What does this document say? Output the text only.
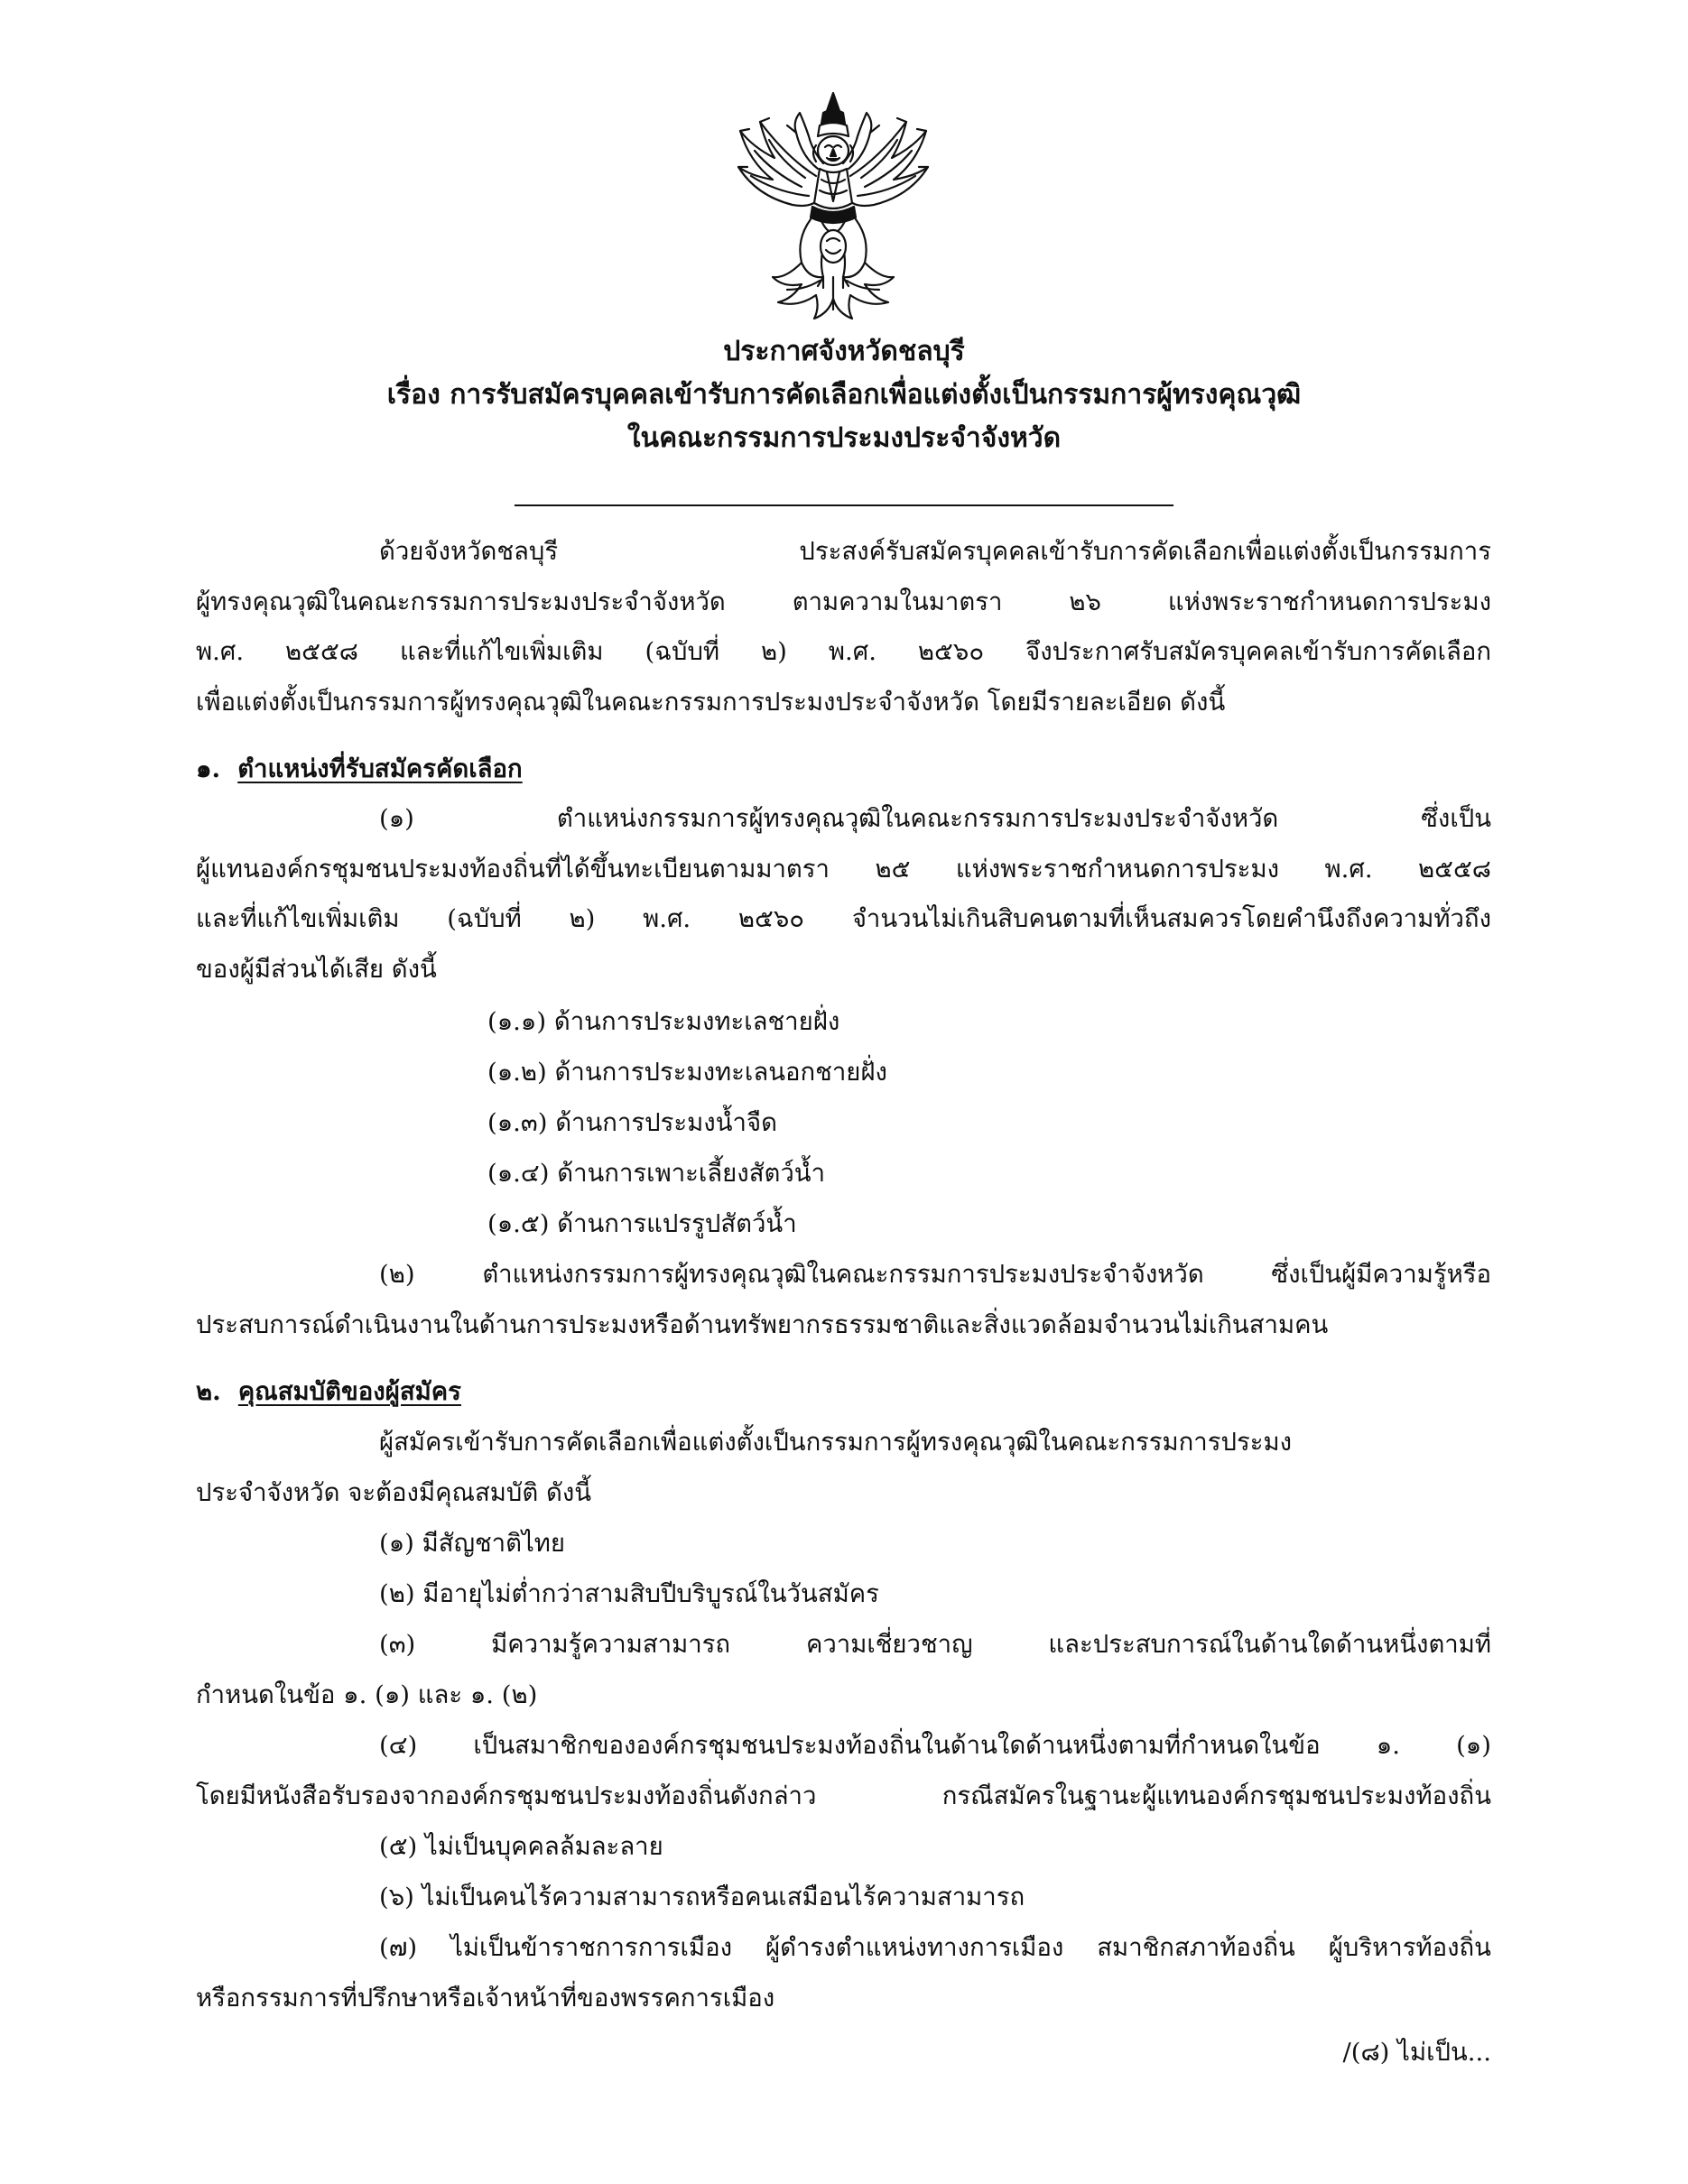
ประกาศจังหวัดชลบุรี
เรื่อง การรับสมัครบุคคลเข้ารับการคัดเลือกเพื่อแต่งตั้งเป็นกรรมการผู้ทรงคุณวุฒิ
ในคณะกรรมการประมงประจำจังหวัด
ด้วยจังหวัดชลบุรี ประสงค์รับสมัครบุคคลเข้ารับการคัดเลือกเพื่อแต่งตั้งเป็นกรรมการ
ผู้ทรงคุณวุฒิในคณะกรรมการประมงประจำจังหวัด ตามความในมาตรา ๒๖ แห่งพระราชกำหนดการประมง
พ.ศ. ๒๕๕๘ และที่แก้ไขเพิ่มเติม (ฉบับที่ ๒) พ.ศ. ๒๕๖๐ จึงประกาศรับสมัครบุคคลเข้ารับการคัดเลือก
เพื่อแต่งตั้งเป็นกรรมการผู้ทรงคุณวุฒิในคณะกรรมการประมงประจำจังหวัด โดยมีรายละเอียด ดังนี้
๑. ตำแหน่งที่รับสมัครคัดเลือก
(๑) ตำแหน่งกรรมการผู้ทรงคุณวุฒิในคณะกรรมการประมงประจำจังหวัด ซึ่งเป็น
ผู้แทนองค์กรชุมชนประมงท้องถิ่นที่ได้ขึ้นทะเบียนตามมาตรา ๒๕ แห่งพระราชกำหนดการประมง พ.ศ. ๒๕๕๘
และที่แก้ไขเพิ่มเติม (ฉบับที่ ๒) พ.ศ. ๒๕๖๐ จำนวนไม่เกินสิบคนตามที่เห็นสมควรโดยคำนึงถึงความทั่วถึง
ของผู้มีส่วนได้เสีย ดังนี้
(๑.๑) ด้านการประมงทะเลชายฝั่ง
(๑.๒) ด้านการประมงทะเลนอกชายฝั่ง
(๑.๓) ด้านการประมงน้ำจืด
(๑.๔) ด้านการเพาะเลี้ยงสัตว์น้ำ
(๑.๕) ด้านการแปรรูปสัตว์น้ำ
(๒) ตำแหน่งกรรมการผู้ทรงคุณวุฒิในคณะกรรมการประมงประจำจังหวัด ซึ่งเป็นผู้มีความรู้หรือ
ประสบการณ์ดำเนินงานในด้านการประมงหรือด้านทรัพยากรธรรมชาติและสิ่งแวดล้อมจำนวนไม่เกินสามคน
๒. คุณสมบัติของผู้สมัคร
ผู้สมัครเข้ารับการคัดเลือกเพื่อแต่งตั้งเป็นกรรมการผู้ทรงคุณวุฒิในคณะกรรมการประมง
ประจำจังหวัด จะต้องมีคุณสมบัติ ดังนี้
(๑) มีสัญชาติไทย
(๒) มีอายุไม่ต่ำกว่าสามสิบปีบริบูรณ์ในวันสมัคร
(๓) มีความรู้ความสามารถ ความเชี่ยวชาญ และประสบการณ์ในด้านใดด้านหนึ่งตามที่
กำหนดในข้อ ๑. (๑) และ ๑. (๒)
(๔) เป็นสมาชิกขององค์กรชุมชนประมงท้องถิ่นในด้านใดด้านหนึ่งตามที่กำหนดในข้อ ๑. (๑)
โดยมีหนังสือรับรองจากองค์กรชุมชนประมงท้องถิ่นดังกล่าว กรณีสมัครในฐานะผู้แทนองค์กรชุมชนประมงท้องถิ่น
(๕) ไม่เป็นบุคคลล้มละลาย
(๖) ไม่เป็นคนไร้ความสามารถหรือคนเสมือนไร้ความสามารถ
(๗) ไม่เป็นข้าราชการการเมือง ผู้ดำรงตำแหน่งทางการเมือง สมาชิกสภาท้องถิ่น ผู้บริหารท้องถิ่น
หรือกรรมการที่ปรึกษาหรือเจ้าหน้าที่ของพรรคการเมือง
/(๘) ไม่เป็น...
